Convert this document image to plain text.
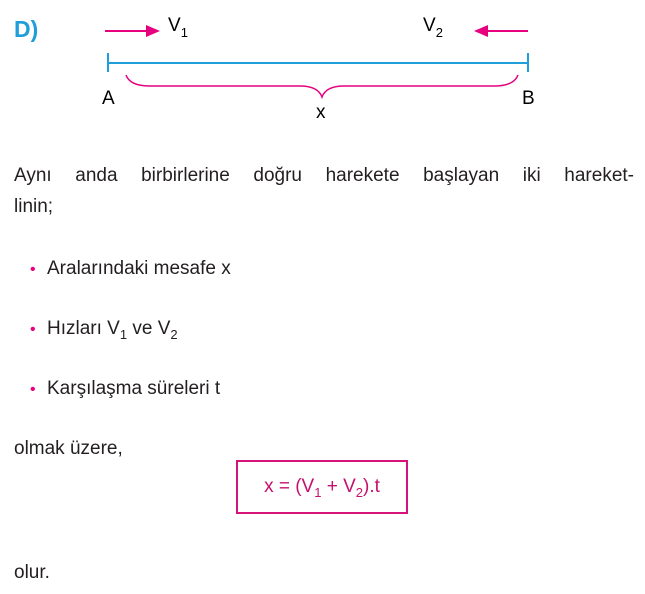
D)	$V_1$	$V_2$
A	B
x
Aynı anda birbirlerine doğru harekete başlayan iki hareket-
linin;
• Aralarındaki mesafe x
• Hızları $V_1$ ve $V_2$
• Karşılaşma süreleri t
olmak üzere,
$x = (V_1 + V_2).t$
olur.
